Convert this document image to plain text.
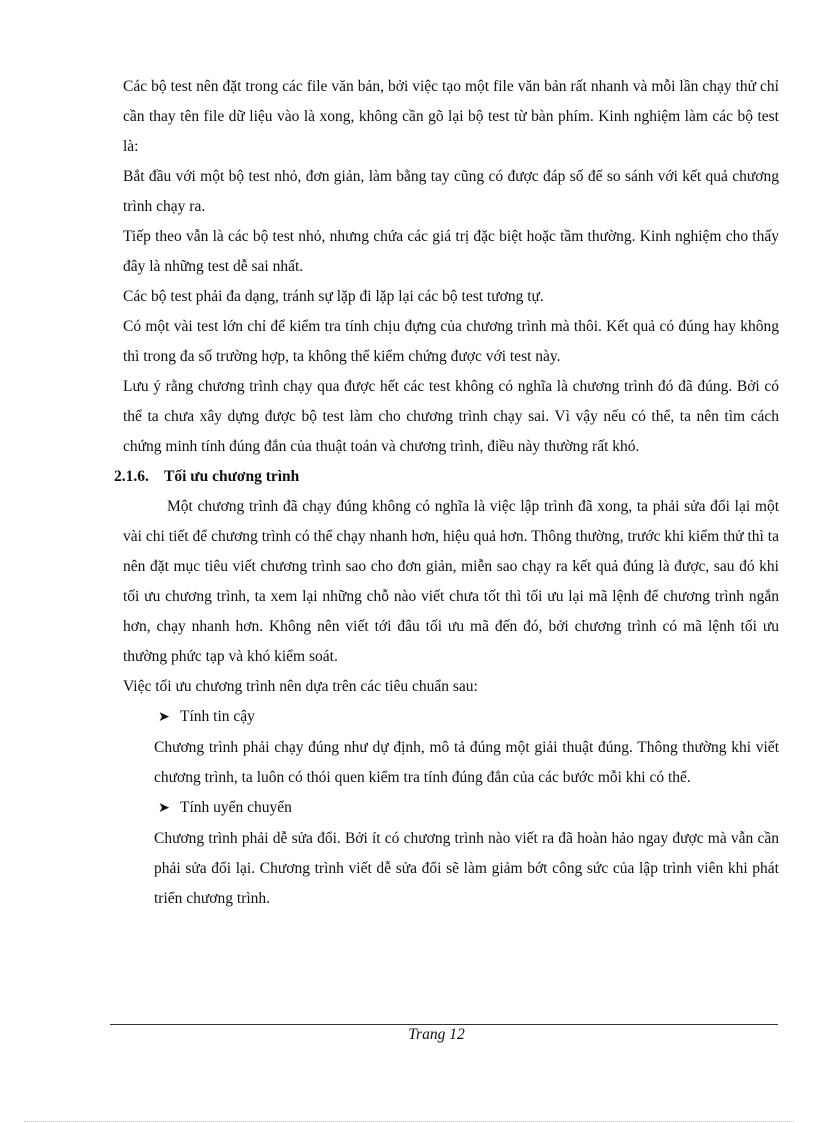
Các bộ test nên đặt trong các file văn bản, bởi việc tạo một file văn bản rất nhanh và mỗi lần chạy thử chỉ cần thay tên file dữ liệu vào là xong, không cần gõ lại bộ test từ bàn phím. Kinh nghiệm làm các bộ test là:

Bắt đầu với một bộ test nhỏ, đơn giản, làm bằng tay cũng có được đáp số để so sánh với kết quả chương trình chạy ra.

Tiếp theo vẫn là các bộ test nhỏ, nhưng chứa các giá trị đặc biệt hoặc tầm thường. Kinh nghiệm cho thấy đây là những test dễ sai nhất.

Các bộ test phải đa dạng, tránh sự lặp đi lặp lại các bộ test tương tự.

Có một vài test lớn chỉ để kiểm tra tính chịu đựng của chương trình mà thôi. Kết quả có đúng hay không thì trong đa số trường hợp, ta không thể kiểm chứng được với test này.

Lưu ý rằng chương trình chạy qua được hết các test không có nghĩa là chương trình đó đã đúng. Bởi có thể ta chưa xây dựng được bộ test làm cho chương trình chạy sai. Vì vậy nếu có thể, ta nên tìm cách chứng minh tính đúng đắn của thuật toán và chương trình, điều này thường rất khó.

2.1.6. Tối ưu chương trình

Một chương trình đã chạy đúng không có nghĩa là việc lập trình đã xong, ta phải sửa đổi lại một vài chi tiết để chương trình có thể chạy nhanh hơn, hiệu quả hơn. Thông thường, trước khi kiểm thử thì ta nên đặt mục tiêu viết chương trình sao cho đơn giản, miễn sao chạy ra kết quả đúng là được, sau đó khi tối ưu chương trình, ta xem lại những chỗ nào viết chưa tốt thì tối ưu lại mã lệnh để chương trình ngắn hơn, chạy nhanh hơn. Không nên viết tới đâu tối ưu mã đến đó, bởi chương trình có mã lệnh tối ưu thường phức tạp và khó kiểm soát.

Việc tối ưu chương trình nên dựa trên các tiêu chuẩn sau:

➤ Tính tin cậy

Chương trình phải chạy đúng như dự định, mô tả đúng một giải thuật đúng. Thông thường khi viết chương trình, ta luôn có thói quen kiểm tra tính đúng đắn của các bước mỗi khi có thể.

➤ Tính uyển chuyển

Chương trình phải dễ sửa đổi. Bởi ít có chương trình nào viết ra đã hoàn hảo ngay được mà vẫn cần phải sửa đổi lại. Chương trình viết dễ sửa đổi sẽ làm giảm bớt công sức của lập trình viên khi phát triển chương trình.

Trang 12
